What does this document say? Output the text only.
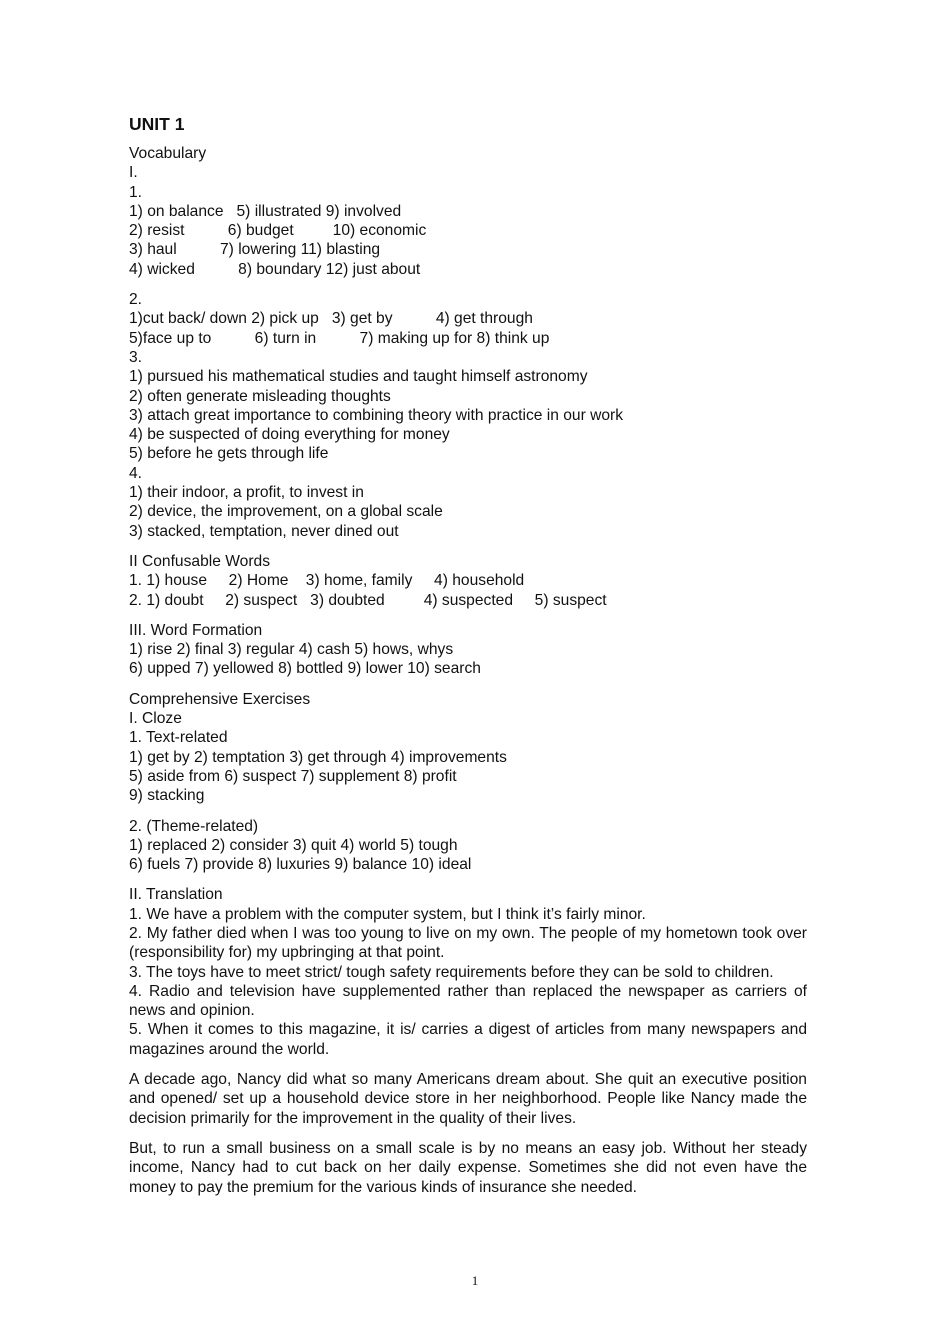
UNIT 1
Vocabulary
I.
1.
1) on balance   5) illustrated 9) involved
2) resist          6) budget         10) economic
3) haul          7) lowering 11) blasting
4) wicked          8) boundary 12) just about
2.
1)cut back/ down 2) pick up   3) get by          4) get through
5)face up to          6) turn in          7) making up for 8) think up
3.
1) pursued his mathematical studies and taught himself astronomy
2) often generate misleading thoughts
3) attach great importance to combining theory with practice in our work
4) be suspected of doing everything for money
5) before he gets through life
4.
1) their indoor, a profit, to invest in
2) device, the improvement, on a global scale
3) stacked, temptation, never dined out
II Confusable Words
1. 1) house     2) Home    3) home, family     4) household
2. 1) doubt     2) suspect   3) doubted         4) suspected     5) suspect
III. Word Formation
1) rise 2) final 3) regular 4) cash 5) hows, whys
6) upped 7) yellowed 8) bottled 9) lower 10) search
Comprehensive Exercises
I. Cloze
1. Text-related
1) get by 2) temptation 3) get through 4) improvements
5) aside from 6) suspect 7) supplement 8) profit
9) stacking
2. (Theme-related)
1) replaced 2) consider 3) quit 4) world 5) tough
6) fuels 7) provide 8) luxuries 9) balance 10) ideal
II. Translation
1. We have a problem with the computer system, but I think it’s fairly minor.
2. My father died when I was too young to live on my own. The people of my hometown took over (responsibility for) my upbringing at that point.
3. The toys have to meet strict/ tough safety requirements before they can be sold to children.
4. Radio and television have supplemented rather than replaced the newspaper as carriers of news and opinion.
5. When it comes to this magazine, it is/ carries a digest of articles from many newspapers and magazines around the world.
A decade ago, Nancy did what so many Americans dream about. She quit an executive position and opened/ set up a household device store in her neighborhood. People like Nancy made the decision primarily for the improvement in the quality of their lives.
But, to run a small business on a small scale is by no means an easy job. Without her steady income, Nancy had to cut back on her daily expense. Sometimes she did not even have the money to pay the premium for the various kinds of insurance she needed.
1
